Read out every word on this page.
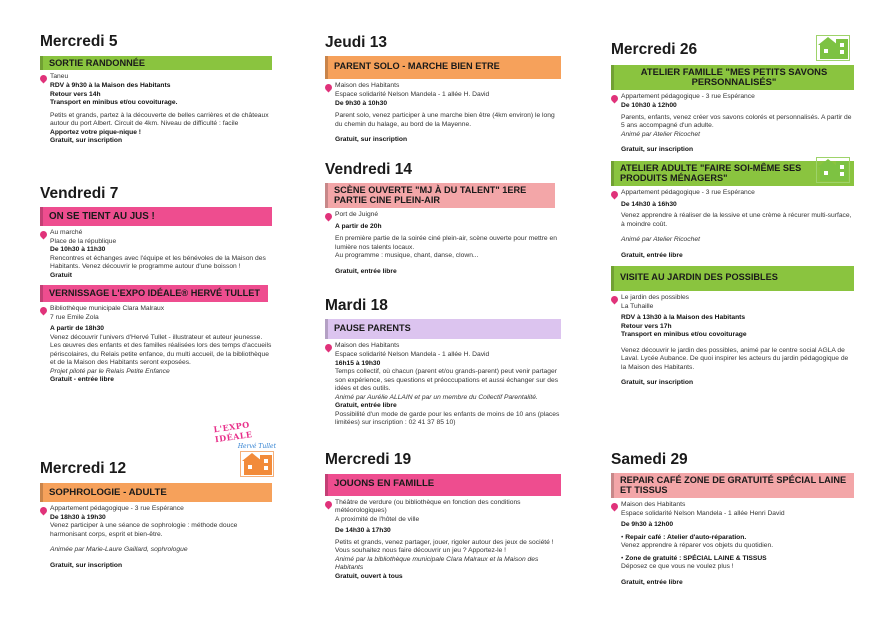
Mercredi 5
SORTIE RANDONNÉE
Taneu
RDV à 9h30 à la Maison des Habitants
Retour vers 14h
Transport en minibus et/ou covoiturage.
Petits et grands, partez à la découverte de belles carrières et de châteaux autour du port Albert. Circuit de 4km. Niveau de difficulté : facile
Apportez votre pique-nique !
Gratuit, sur inscription
Vendredi 7
ON SE TIENT AU JUS !
Au marché
Place de la république
De 10h30 à 11h30
Rencontres et échanges avec l'équipe et les bénévoles de la Maison des Habitants. Venez découvrir le programme autour d'une boisson !
Gratuit
VERNISSAGE L'EXPO IDÉALE® HERVÉ TULLET
Bibliothèque municipale Clara Malraux
7 rue Emile Zola
A partir de 18h30
Venez découvrir l'univers d'Hervé Tullet - illustrateur et auteur jeunesse. Les œuvres des enfants et des familles réalisées lors des temps d'accueils périscolaires, du Relais petite enfance, du multi accueil, de la bibliothèque et de la Maison des Habitants seront exposées.
Projet piloté par le Relais Petite Enfance
Gratuit - entrée libre
L'EXPO IDÉALE
Hervé Tullet
Mercredi 12
SOPHROLOGIE - ADULTE
Appartement pédagogique - 3 rue Espérance
De 18h30 à 19h30
Venez participer à une séance de sophrologie : méthode douce harmonisant corps, esprit et bien-être.
Animée par Marie-Laure Gaillard, sophrologue
Gratuit, sur inscription
Jeudi 13
PARENT SOLO - MARCHE BIEN ETRE
Maison des Habitants
Espace solidarité Nelson Mandela - 1 allée H. David
De 9h30 à 10h30
Parent solo, venez participer à une marche bien être (4km environ) le long du chemin du halage, au bord de la Mayenne.
Gratuit, sur inscription
Vendredi 14
SCÈNE OUVERTE "MJ À DU TALENT" 1ERE PARTIE CINE PLEIN-AIR
Port de Juigné
A partir de 20h
En première partie de la soirée ciné plein-air, scène ouverte pour mettre en lumière nos talents locaux.
Au programme : musique, chant, danse, clown...
Gratuit, entrée libre
Mardi 18
PAUSE PARENTS
Maison des Habitants
Espace solidarité Nelson Mandela - 1 allée H. David
16h15 à 19h30
Temps collectif, où chacun (parent et/ou grands-parent) peut venir partager son expérience, ses questions et préoccupations et aussi échanger sur des idées et des outils.
Animé par Aurélie ALLAIN et par un membre du Collectif Parentalité.
Gratuit, entrée libre
Possibilité d'un mode de garde pour les enfants de moins de 10 ans (places limitées) sur inscription : 02 41 37 85 10)
Mercredi 19
JOUONS EN FAMILLE
Théâtre de verdure (ou bibliothèque en fonction des conditions météorologiques)
A proximité de l'hôtel de ville
De 14h30 à 17h30
Petits et grands, venez partager, jouer, rigoler autour des jeux de société !
Vous souhaitez nous faire découvrir un jeu ? Apportez-le !
Animé par la bibliothèque municipale Clara Malraux et la Maison des Habitants
Gratuit, ouvert à tous
Mercredi 26
ATELIER FAMILLE "MES PETITS SAVONS PERSONNALISÉS"
Appartement pédagogique - 3 rue Espérance
De 10h30 à 12h00
Parents, enfants, venez créer vos savons colorés et personnalisés. A partir de 5 ans accompagné d'un adulte.
Animé par Atelier Ricochet
Gratuit, sur inscription
ATELIER ADULTE "FAIRE SOI-MÊME SES PRODUITS MÉNAGERS"
Appartement pédagogique - 3 rue Espérance
De 14h30 à 16h30
Venez apprendre à réaliser de la lessive et une crème à récurer multi-surface, à moindre coût.
Animé par Atelier Ricochet
Gratuit, entrée libre
VISITE AU JARDIN DES POSSIBLES
Le jardin des possibles
La Tuhaille
RDV à 13h30 à la Maison des Habitants
Retour vers 17h
Transport en minibus et/ou covoiturage
Venez découvrir le jardin des possibles, animé par le centre social AGLA de Laval. Lycée Aubance. De quoi inspirer les acteurs du jardin pédagogique de la Maison des Habitants.
Gratuit, sur inscription
Samedi 29
REPAIR CAFÉ ZONE DE GRATUITÉ SPÉCIAL LAINE ET TISSUS
Maison des Habitants
Espace solidarité Nelson Mandela - 1 allée Henri David
De 9h30 à 12h00
• Repair café : Atelier d'auto-réparation.
Venez apprendre à réparer vos objets du quotidien.
• Zone de gratuité : SPÉCIAL LAINE & TISSUS
Déposez ce que vous ne voulez plus !
Gratuit, entrée libre
